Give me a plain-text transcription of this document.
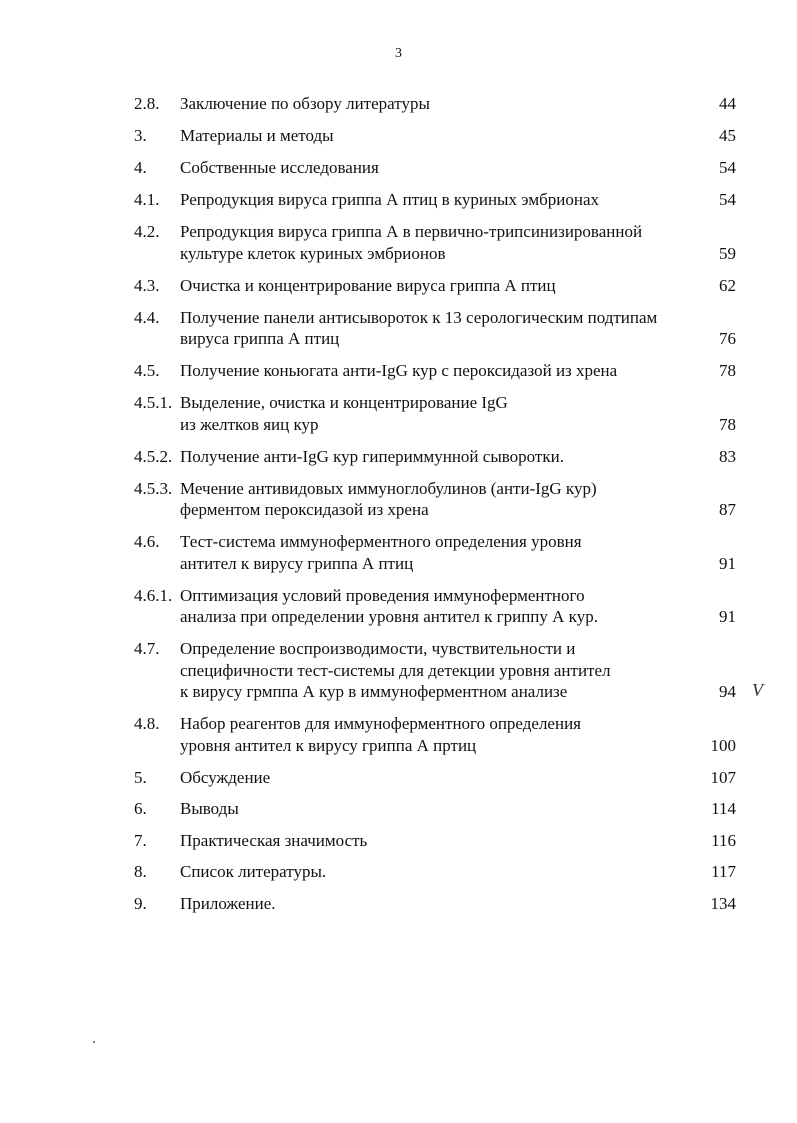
3
2.8. Заключение по обзору литературы	44
3. Материалы и методы	45
4. Собственные исследования	54
4.1. Репродукция вируса гриппа А птиц в куриных эмбрионах	54
4.2. Репродукция вируса гриппа А в первично-трипсинизированной
культуре клеток куриных эмбрионов	59
4.3. Очистка и концентрирование вируса гриппа А птиц	62
4.4. Получение панели антисывороток к 13 серологическим подтипам
вируса гриппа А птиц	76
4.5. Получение коньюгата анти-IgG кур с пероксидазой из хрена	78
4.5.1. Выделение, очистка и концентрирование IgG
из желтков яиц кур	78
4.5.2. Получение анти-IgG кур гипериммунной сыворотки.	83
4.5.3. Мечение антивидовых иммуноглобулинов (анти-IgG кур)
ферментом пероксидазой из хрена	87
4.6. Тест-система иммуноферментного определения уровня
антител к вирусу гриппа А птиц	91
4.6.1. Оптимизация условий проведения иммуноферментного
анализа при определении уровня антител к гриппу А кур.	91
4.7. Определение воспроизводимости, чувствительности и
специфичности тест-системы для детекции уровня антител
к вирусу грмппа А кур в иммуноферментном анализе	94
4.8. Набор реагентов для иммуноферментного определения
уровня антител к вирусу гриппа А пртиц	100
5. Обсуждение	107
6. Выводы	114
7. Практическая значимость	116
8. Список литературы.	117
9. Приложение.	134
V
